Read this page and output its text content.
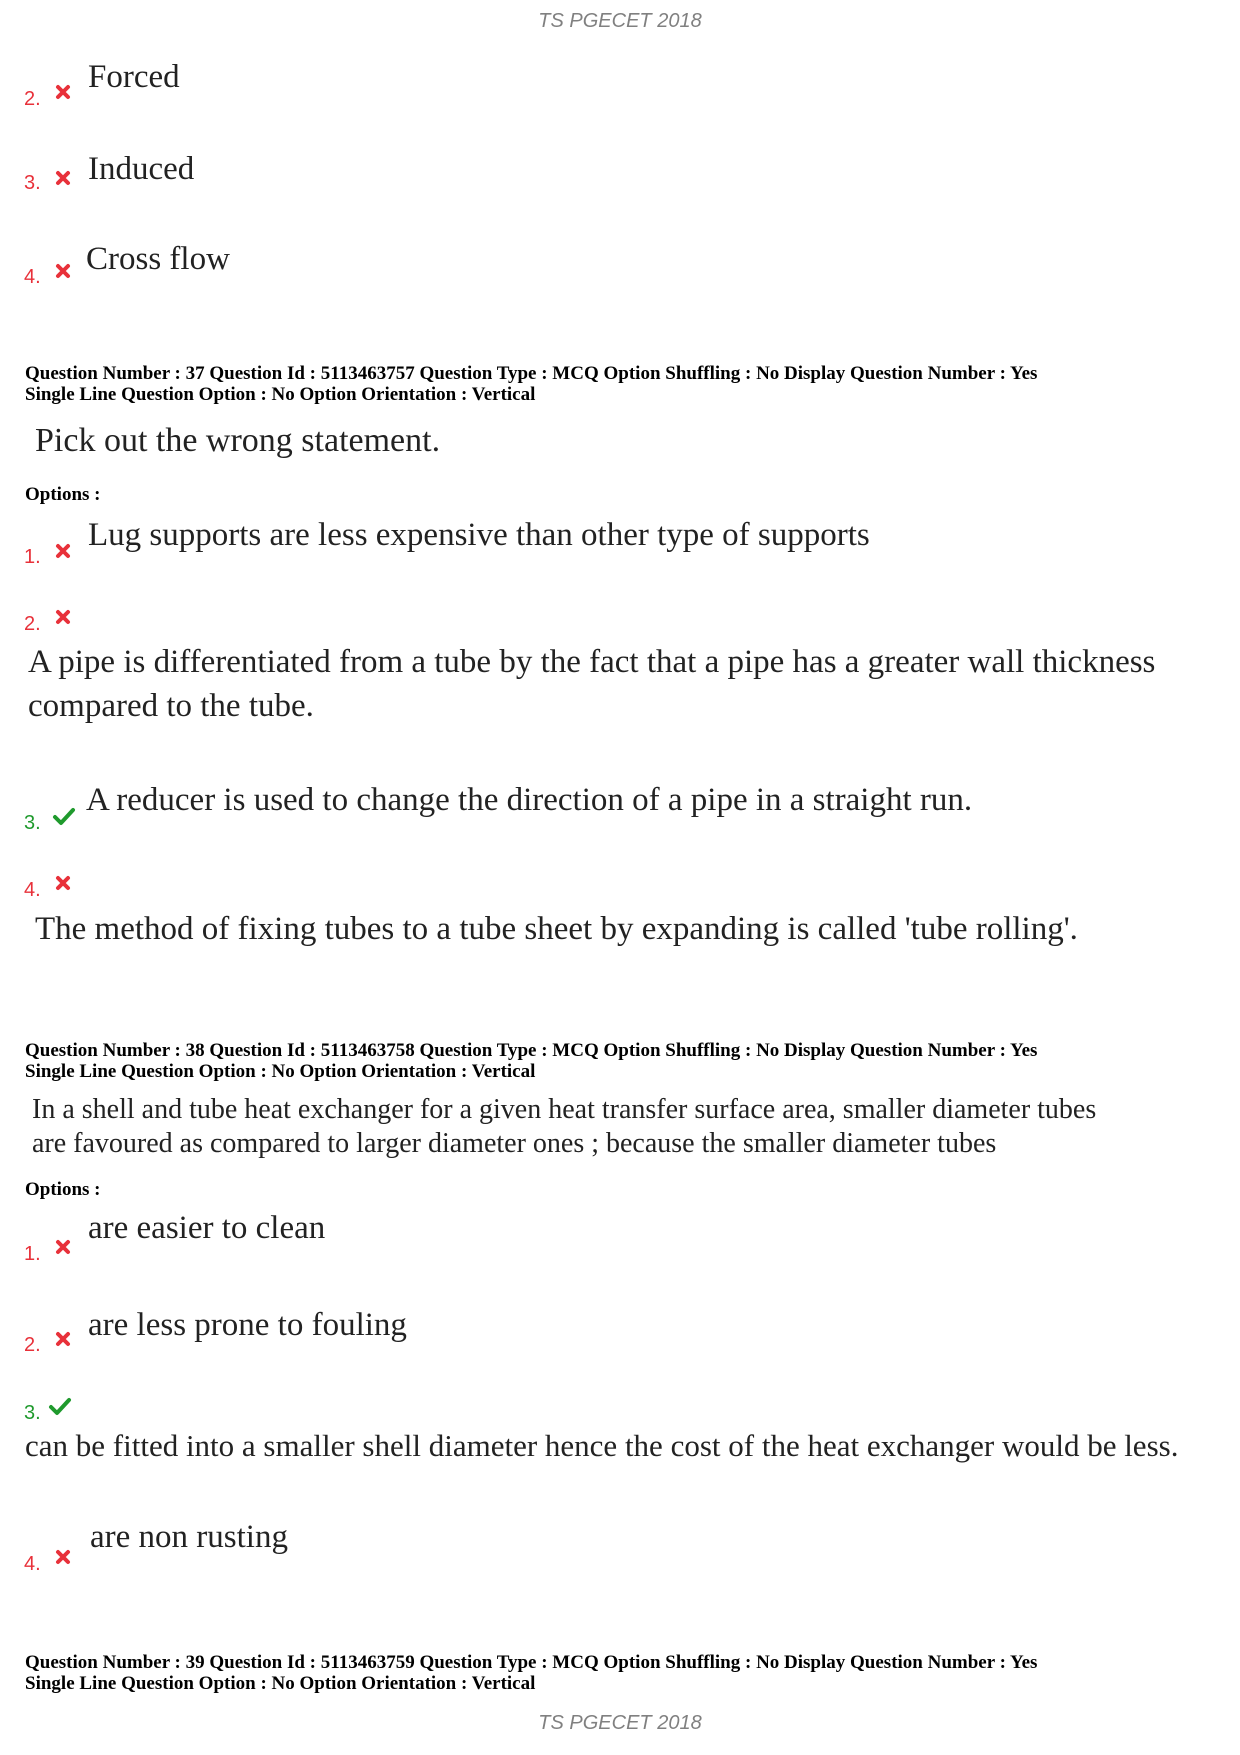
TS PGECET 2018
2.
Forced
3. Induced
4. Cross flow
Question Number : 37 Question Id : 5113463757 Question Type : MCQ Option Shuffling : No Display Question Number : Yes
Single Line Question Option : No Option Orientation : Vertical
Pick out the wrong statement.
Options :
1.
Lug supports are less expensive than other type of supports
2.
A pipe is differentiated from a tube by the fact that a pipe has a greater wall thickness compared to the tube.
3.
A reducer is used to change the direction of a pipe in a straight run.
4.
The method of fixing tubes to a tube sheet by expanding is called 'tube rolling'.
Question Number : 38 Question Id : 5113463758 Question Type : MCQ Option Shuffling : No Display Question Number : Yes
Single Line Question Option : No Option Orientation : Vertical
In a shell and tube heat exchanger for a given heat transfer surface area, smaller diameter tubes
are favoured as compared to larger diameter ones ; because the smaller diameter tubes
Options :
1.
are easier to clean
2.
are less prone to fouling
3.
can be fitted into a smaller shell diameter hence the cost of the heat exchanger would be less.
4.
are non rusting
Question Number : 39 Question Id : 5113463759 Question Type : MCQ Option Shuffling : No Display Question Number : Yes
Single Line Question Option : No Option Orientation : Vertical
TS PGECET 2018
